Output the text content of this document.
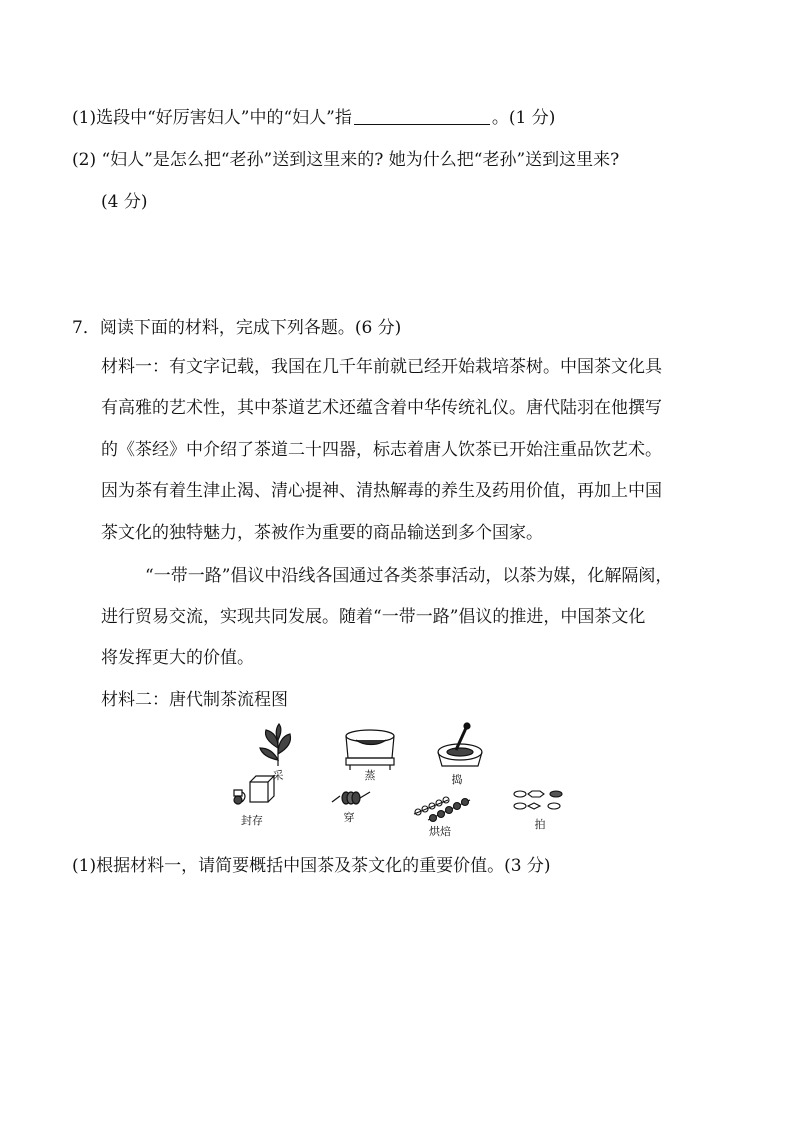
(1)选段中“好厉害妇人”中的“妇人”指	。(1 分)
(2) “妇人”是怎么把“老孙”送到这里来的? 她为什么把“老孙”送到这里来?
(4 分)
7．阅读下面的材料，完成下列各题。(6 分)
材料一：有文字记载，我国在几千年前就已经开始栽培茶树。中国茶文化具
有高雅的艺术性，其中茶道艺术还蕴含着中华传统礼仪。唐代陆羽在他撰写
的《茶经》中介绍了茶道二十四器，标志着唐人饮茶已开始注重品饮艺术。
因为茶有着生津止渴、清心提神、清热解毒的养生及药用价值，再加上中国
茶文化的独特魅力，茶被作为重要的商品输送到多个国家。
“一带一路”倡议中沿线各国通过各类茶事活动，以茶为媒，化解隔阂，
进行贸易交流，实现共同发展。随着“一带一路”倡议的推进，中国茶文化
将发挥更大的价值。
材料二：唐代制茶流程图
采	蒸	捣
封存	穿
烘焙
拍
(1)根据材料一，请简要概括中国茶及茶文化的重要价值。(3 分)
